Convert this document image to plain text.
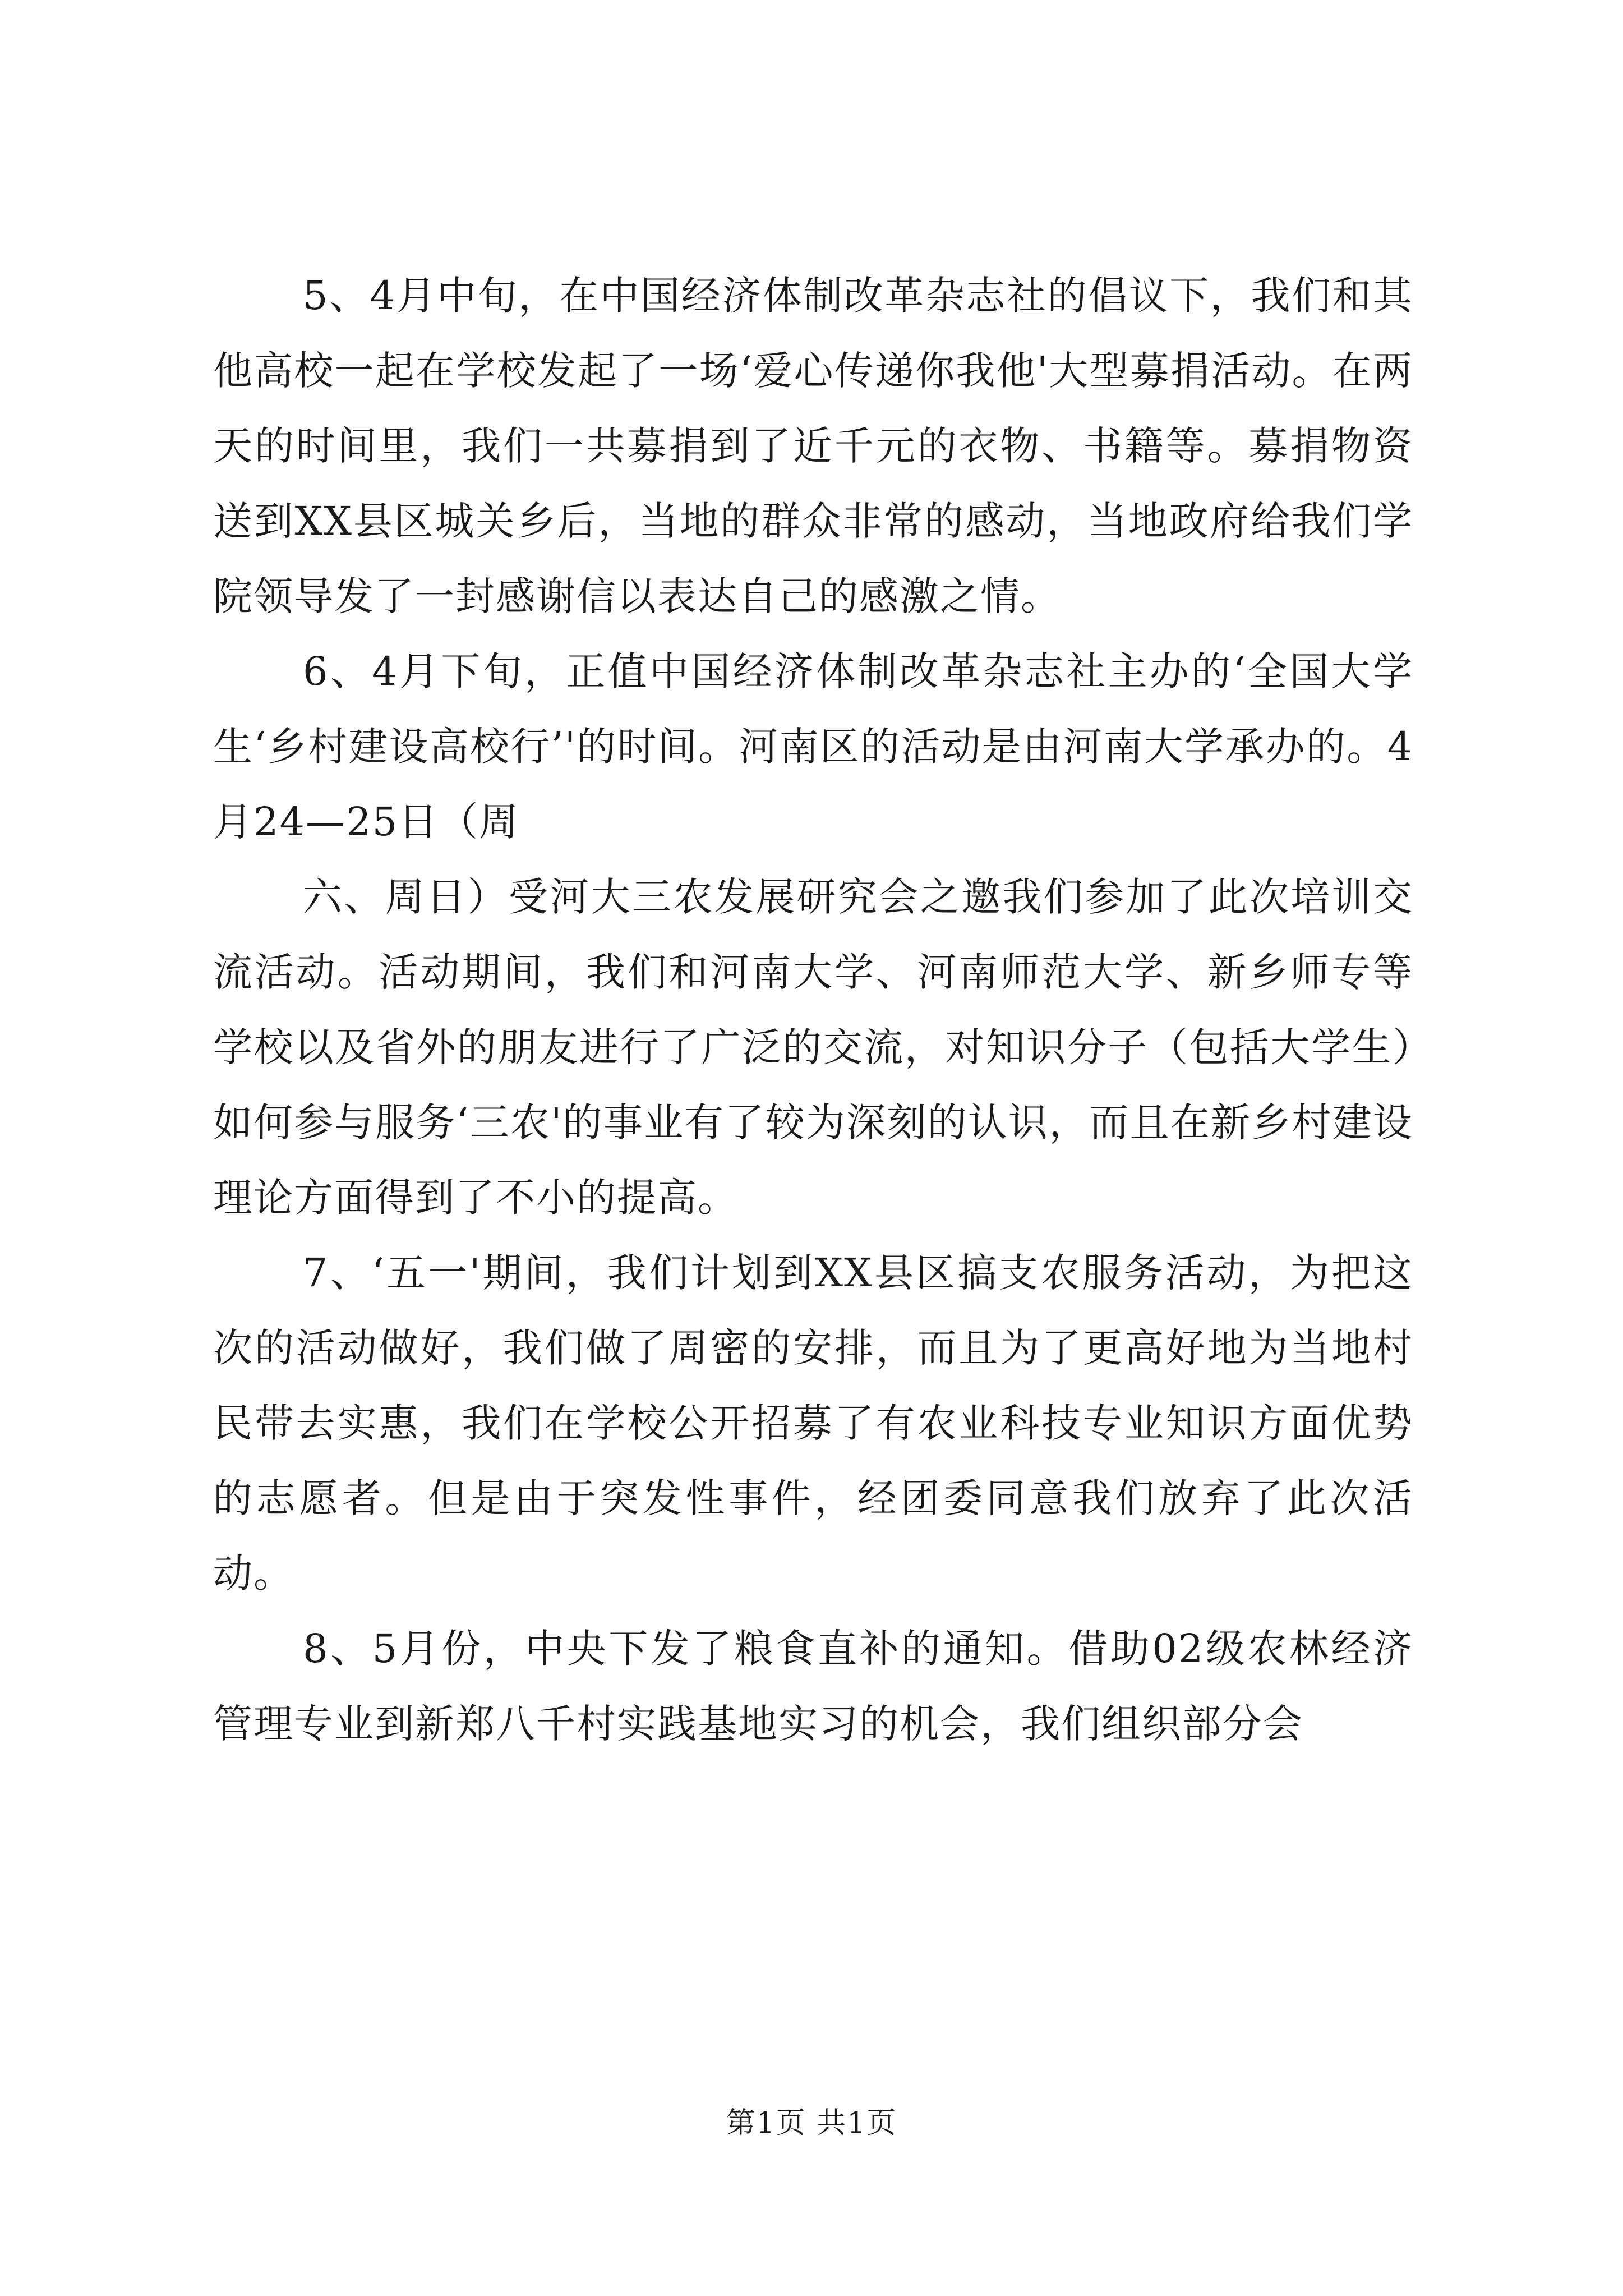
5、4月中旬，在中国经济体制改革杂志社的倡议下，我们和其他高校一起在学校发起了一场‘爱心传递你我他'大型募捐活动。在两天的时间里，我们一共募捐到了近千元的衣物、书籍等。募捐物资送到XX县区城关乡后，当地的群众非常的感动，当地政府给我们学院领导发了一封感谢信以表达自己的感激之情。

6、4月下旬，正值中国经济体制改革杂志社主办的‘全国大学生‘乡村建设高校行’'的时间。河南区的活动是由河南大学承办的。4月24—25日（周

六、周日）受河大三农发展研究会之邀我们参加了此次培训交流活动。活动期间，我们和河南大学、河南师范大学、新乡师专等学校以及省外的朋友进行了广泛的交流，对知识分子（包括大学生）如何参与服务‘三农'的事业有了较为深刻的认识，而且在新乡村建设理论方面得到了不小的提高。

7、‘五一'期间，我们计划到XX县区搞支农服务活动，为把这次的活动做好，我们做了周密的安排，而且为了更高好地为当地村民带去实惠，我们在学校公开招募了有农业科技专业知识方面优势的志愿者。但是由于突发性事件，经团委同意我们放弃了此次活动。

8、5月份，中央下发了粮食直补的通知。借助02级农林经济管理专业到新郑八千村实践基地实习的机会，我们组织部分会

第1页 共1页
